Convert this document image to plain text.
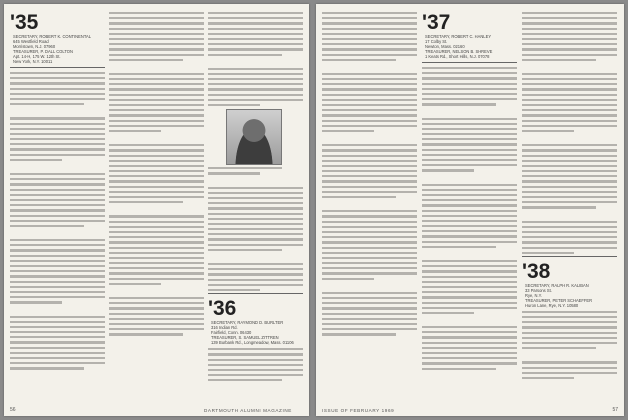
'35
SECRETARY, ROBERT K. CONTINENTAL
645 Westfield Road
Morristown, N.J. 07960
TREASURER, P. DALL COLTON
Apt. 14-H, 175 W. 12th St.
New York, N.Y. 10011
'36
SECRETARY, RAYMOND D. BURLTER
316 Indian Rd.
Fairfield, Conn. 06430
TREASURER, S. SAMUEL ZITTREN
139 Burbank Rd., Longmeadow, Mass. 01106
56	DARTMOUTH ALUMNI MAGAZINE
'37
SECRETARY, ROBERT C. HANLEY
17 Colby St.
Newton, Mass. 02160
TREASURER, NELSON B. SHREVE
1 Keats Rd., Short Hills, N.J. 07078
'38
SECRETARY, RALPH R. KALIBAN
33 Parsons St.
Rye, N.Y.
TREASURER, PETER SCHAEFFER
Huron Lane, Rye, N.Y. 10580
ISSUE OF FEBRUARY 1969	57
